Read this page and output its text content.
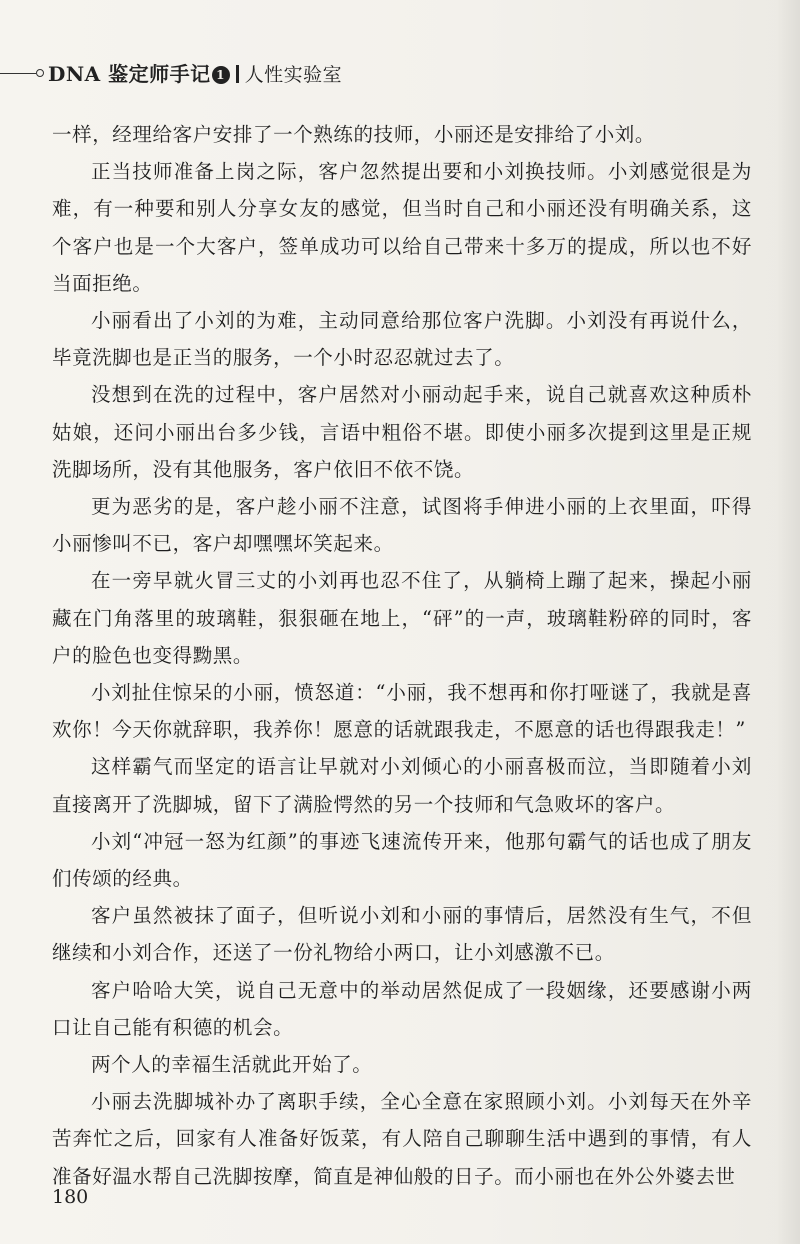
DNA 鉴定师手记 1 人性实验室

一样，经理给客户安排了一个熟练的技师，小丽还是安排给了小刘。

正当技师准备上岗之际，客户忽然提出要和小刘换技师。小刘感觉很是为难，有一种要和别人分享女友的感觉，但当时自己和小丽还没有明确关系，这个客户也是一个大客户，签单成功可以给自己带来十多万的提成，所以也不好当面拒绝。

小丽看出了小刘的为难，主动同意给那位客户洗脚。小刘没有再说什么，毕竟洗脚也是正当的服务，一个小时忍忍就过去了。

没想到在洗的过程中，客户居然对小丽动起手来，说自己就喜欢这种质朴姑娘，还问小丽出台多少钱，言语中粗俗不堪。即使小丽多次提到这里是正规洗脚场所，没有其他服务，客户依旧不依不饶。

更为恶劣的是，客户趁小丽不注意，试图将手伸进小丽的上衣里面，吓得小丽惨叫不已，客户却嘿嘿坏笑起来。

在一旁早就火冒三丈的小刘再也忍不住了，从躺椅上蹦了起来，操起小丽藏在门角落里的玻璃鞋，狠狠砸在地上，“砰”的一声，玻璃鞋粉碎的同时，客户的脸色也变得黝黑。

小刘扯住惊呆的小丽，愤怒道：“小丽，我不想再和你打哑谜了，我就是喜欢你！今天你就辞职，我养你！愿意的话就跟我走，不愿意的话也得跟我走！”

这样霸气而坚定的语言让早就对小刘倾心的小丽喜极而泣，当即随着小刘直接离开了洗脚城，留下了满脸愕然的另一个技师和气急败坏的客户。

小刘“冲冠一怒为红颜”的事迹飞速流传开来，他那句霸气的话也成了朋友们传颂的经典。

客户虽然被抹了面子，但听说小刘和小丽的事情后，居然没有生气，不但继续和小刘合作，还送了一份礼物给小两口，让小刘感激不已。

客户哈哈大笑，说自己无意中的举动居然促成了一段姻缘，还要感谢小两口让自己能有积德的机会。

两个人的幸福生活就此开始了。

小丽去洗脚城补办了离职手续，全心全意在家照顾小刘。小刘每天在外辛苦奔忙之后，回家有人准备好饭菜，有人陪自己聊聊生活中遇到的事情，有人准备好温水帮自己洗脚按摩，简直是神仙般的日子。而小丽也在外公外婆去世

180
